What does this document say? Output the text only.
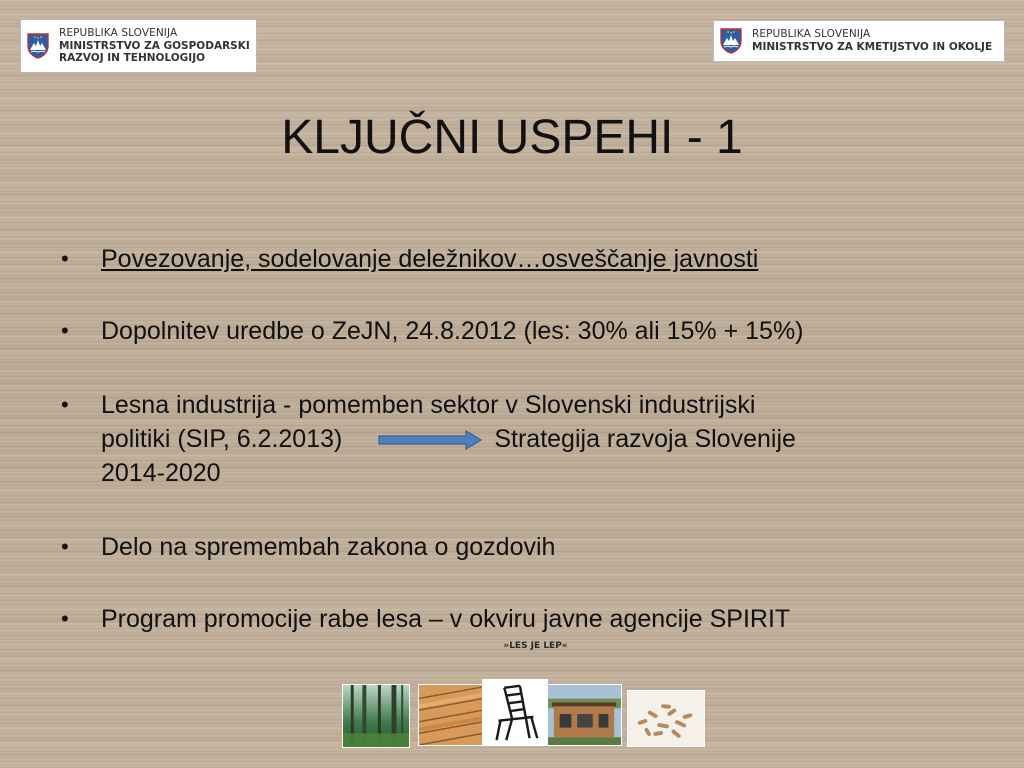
REPUBLIKA SLOVENIJA
MINISTRSTVO ZA GOSPODARSKI
RAZVOJ IN TEHNOLOGIJO
REPUBLIKA SLOVENIJA
MINISTRSTVO ZA KMETIJSTVO IN OKOLJE
KLJUČNI USPEHI - 1
• Povezovanje, sodelovanje deležnikov…osveščanje javnosti
• Dopolnitev uredbe o ZeJN, 24.8.2012 (les: 30% ali 15% + 15%)
• Lesna industrija - pomemben sektor v Slovenski industrijski
politiki (SIP, 6.2.2013)	Strategija razvoja Slovenije
2014-2020
• Delo na spremembah zakona o gozdovih
• Program promocije rabe lesa – v okviru javne agencije SPIRIT
»LES JE LEP«
